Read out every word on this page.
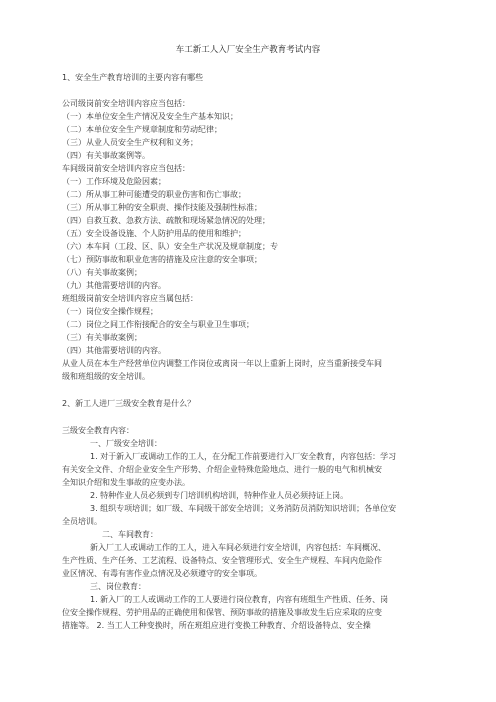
车工新工人入厂安全生产教育考试内容
1、安全生产教育培训的主要内容有哪些
公司级岗前安全培训内容应当包括：
（一）本单位安全生产情况及安全生产基本知识；
（二）本单位安全生产规章制度和劳动纪律；
（三）从业人员安全生产权利和义务；
（四）有关事故案例等。
车间级岗前安全培训内容应当包括：
（一）工作环境及危险因素；
（二）所从事工种可能遭受的职业伤害和伤亡事故；
（三）所从事工种的安全职责、操作技能及强制性标准；
（四）自救互救、急救方法、疏散和现场紧急情况的处理；
（五）安全设备设施、个人防护用品的使用和维护；
（六）本车间（工段、区、队）安全生产状况及规章制度；专
（七）预防事故和职业危害的措施及应注意的安全事项；
（八）有关事故案例；
（九）其他需要培训的内容。
班组级岗前安全培训内容应当属包括：
（一）岗位安全操作规程；
（二）岗位之间工作衔接配合的安全与职业卫生事项；
（三）有关事故案例；
（四）其他需要培训的内容。
从业人员在本生产经营单位内调整工作岗位或离岗一年以上重新上岗时，应当重新接受车间
级和班组级的安全培训。
2、新工人进厂三级安全教育是什么？
三级安全教育内容：
一、厂级安全培训：
1. 对于新入厂或调动工作的工人，在分配工作前要进行入厂安全教育，内容包括：学习
有关安全文件、介绍企业安全生产形势、介绍企业特殊危险地点、进行一般的电气和机械安
全知识介绍和发生事故的应变办法。
2. 特种作业人员必须到专门培训机构培训，特种作业人员必须持证上岗。
3. 组织专项培训；如厂级、车间级干部安全培训；义务消防员消防知识培训；各单位安
全员培训。
二、车间教育：
新入厂工人或调动工作的工人，进入车间必须进行安全培训，内容包括：车间概况、
生产性质、生产任务、工艺流程、设备特点、安全管理形式、安全生产规程、车间内危险作
业区情况、有毒有害作业点情况及必须遵守的安全事项。
三、岗位教育：
1. 新入厂的工人或调动工作的工人要进行岗位教育，内容有班组生产性质、任务、岗
位安全操作规程、劳护用品的正确使用和保管、预防事故的措施及事故发生后应采取的应变
措施等。 2. 当工人工种变换时，所在班组应进行变换工种教育、介绍设备特点、安全操
